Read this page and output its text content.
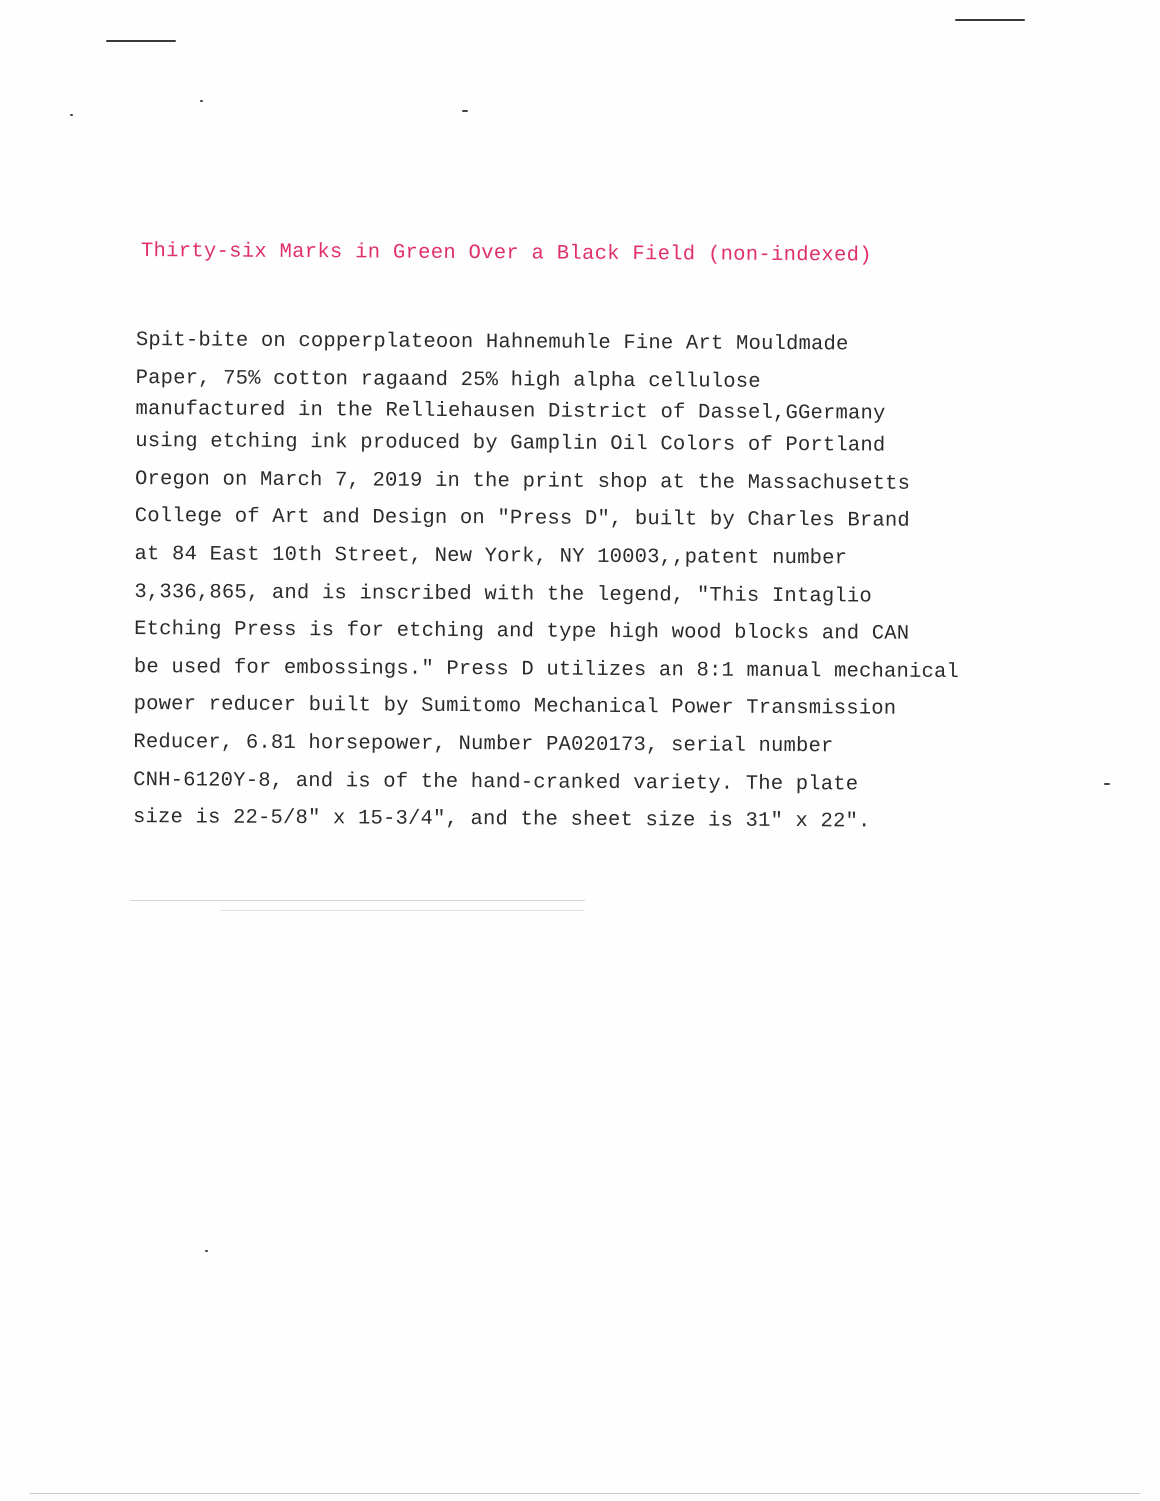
Thirty-six Marks in Green Over a Black Field (non-indexed)
Spit-bite on copperplateoon Hahnemuhle Fine Art Mouldmade
Paper, 75% cotton ragaand 25% high alpha cellulose
manufactured in the Relliehausen District of Dassel,GGermany
using etching ink produced by Gamplin Oil Colors of Portland
Oregon on March 7, 2019 in the print shop at the Massachusetts
College of Art and Design on "Press D", built by Charles Brand
at 84 East 10th Street, New York, NY 10003,,patent number
3,336,865, and is inscribed with the legend, "This Intaglio
Etching Press is for etching and type high wood blocks and CAN
be used for embossings." Press D utilizes an 8:1 manual mechanical
power reducer built by Sumitomo Mechanical Power Transmission
Reducer, 6.81 horsepower, Number PA020173, serial number
CNH-6120Y-8, and is of the hand-cranked variety. The plate
size is 22-5/8" x 15-3/4", and the sheet size is 31" x 22".
